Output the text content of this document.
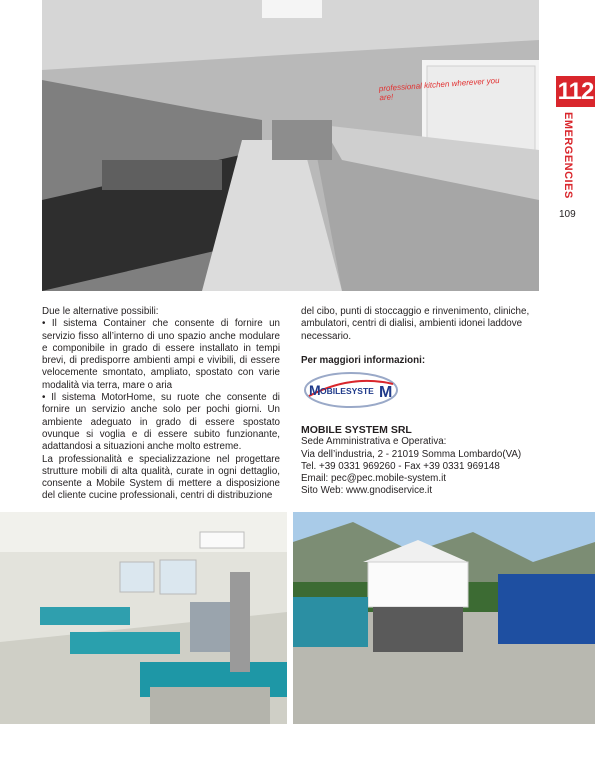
professional kitchen wherever you are!	112
EMERGENCIES
109

Due le alternative possibili:

• Il sistema Container che consente di fornire un servizio fisso all’interno di uno spazio anche modulare e componibile in grado di essere installato in tempi brevi, di predisporre ambienti ampi e vivibili, di essere velocemente smontato, ampliato, spostato con varie modalità via terra, mare o aria

• Il sistema MotorHome, su ruote che consente di fornire un servizio anche solo per pochi giorni. Un ambiente adeguato in grado di essere spostato ovunque si voglia e di essere subito funzionante, adattandosi a situazioni anche molto estreme.

La professionalità e specializzazione nel progettare strutture mobili di alta qualità, curate in ogni dettaglio, consente a Mobile System di mettere a disposizione del cliente cucine professionali, centri di distribuzione

del cibo, punti di stoccaggio e rinvenimento, cliniche, ambulatori, centri di dialisi, ambienti idonei laddove necessario.

Per maggiori informazioni:

M OBILESYSTE M

MOBILE SYSTEM SRL

Sede Amministrativa e Operativa:

Via dell’industria, 2 - 21019 Somma Lombardo(VA)

Tel. +39 0331 969260 - Fax +39 0331 969148

Email: pec@pec.mobile-system.it

Sito Web: www.gnodiservice.it
